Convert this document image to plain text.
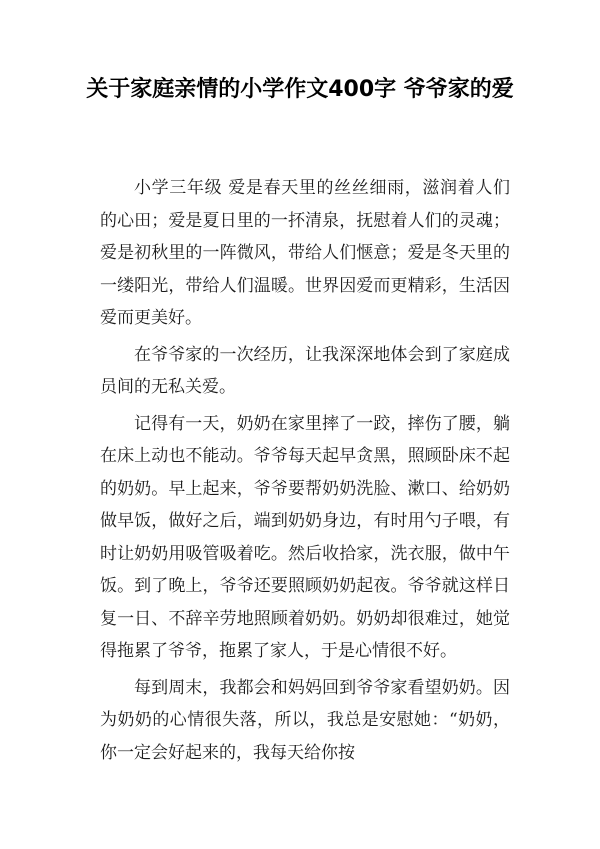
关于家庭亲情的小学作文400字 爷爷家的爱

小学三年级 爱是春天里的丝丝细雨，滋润着人们的心田；爱是夏日里的一抔清泉，抚慰着人们的灵魂；爱是初秋里的一阵微风，带给人们惬意；爱是冬天里的一缕阳光，带给人们温暖。世界因爱而更精彩，生活因爱而更美好。

在爷爷家的一次经历，让我深深地体会到了家庭成员间的无私关爱。

记得有一天，奶奶在家里摔了一跤，摔伤了腰，躺在床上动也不能动。爷爷每天起早贪黑，照顾卧床不起的奶奶。早上起来，爷爷要帮奶奶洗脸、漱口、给奶奶做早饭，做好之后，端到奶奶身边，有时用勺子喂，有时让奶奶用吸管吸着吃。然后收拾家，洗衣服，做中午饭。到了晚上，爷爷还要照顾奶奶起夜。爷爷就这样日复一日、不辞辛劳地照顾着奶奶。奶奶却很难过，她觉得拖累了爷爷，拖累了家人，于是心情很不好。

每到周末，我都会和妈妈回到爷爷家看望奶奶。因为奶奶的心情很失落，所以，我总是安慰她：“奶奶，你一定会好起来的，我每天给你按
